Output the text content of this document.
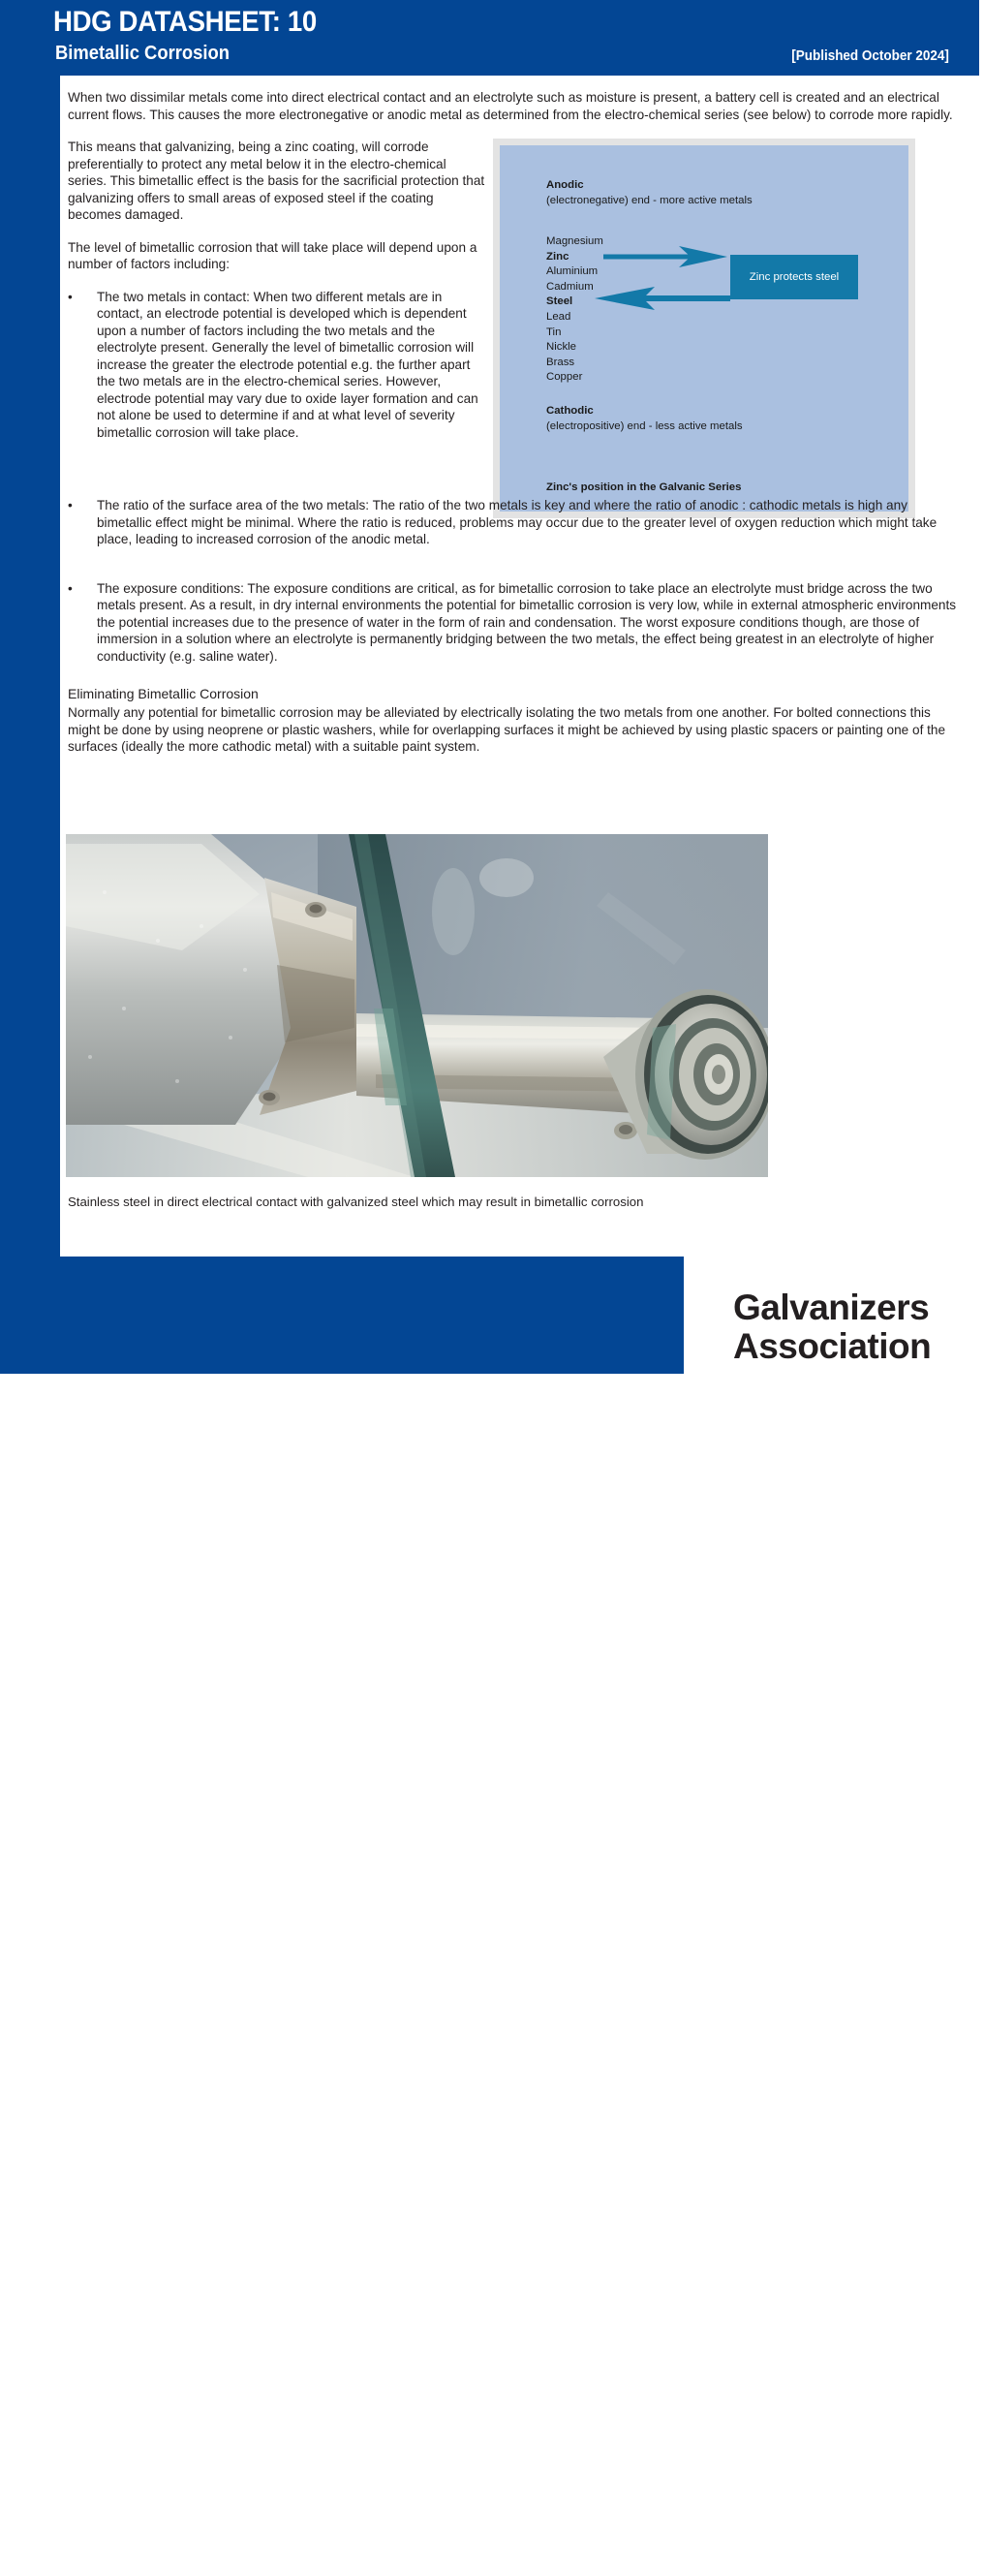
HDG DATASHEET: 10
Bimetallic Corrosion	[Published October 2024]
Anodic
(electronegative) end - more active metals
Magnesium
Zinc
Aluminium
Cadmium
Steel
Lead
Tin
Nickle
Brass
Copper
Zinc protects steel
Cathodic
(electropositive) end - less active metals
Zinc's position in the Galvanic Series

When two dissimilar metals come into direct electrical contact and an electrolyte such as moisture is present, a battery cell is created and an electrical current flows. This causes the more electronegative or anodic metal as determined from the electro-chemical series (see below) to corrode more rapidly.

This means that galvanizing, being a zinc coating, will corrode preferentially to protect any metal below it in the electro-chemical series. This bimetallic effect is the basis for the sacrificial protection that galvanizing offers to small areas of exposed steel if the coating becomes damaged.

The level of bimetallic corrosion that will take place will depend upon a number of factors including:

•	The two metals in contact: When two different metals are in contact, an electrode potential is developed which is dependent upon a number of factors including the two metals and the electrolyte present. Generally the level of bimetallic corrosion will increase the greater the electrode potential e.g. the further apart the two metals are in the electro-chemical series. However, electrode potential may vary due to oxide layer formation and can not alone be used to determine if and at what level of severity bimetallic corrosion will take place.
•	The ratio of the surface area of the two metals: The ratio of the two metals is key and where the ratio of anodic : cathodic metals is high any bimetallic effect might be minimal. Where the ratio is reduced, problems may occur due to the greater level of oxygen reduction which might take place, leading to increased corrosion of the anodic metal.
•	The exposure conditions: The exposure conditions are critical, as for bimetallic corrosion to take place an electrolyte must bridge across the two metals present. As a result, in dry internal environments the potential for bimetallic corrosion is very low, while in external atmospheric environments the potential increases due to the presence of water in the form of rain and condensation. The worst exposure conditions though, are those of immersion in a solution where an electrolyte is permanently bridging between the two metals, the effect being greatest in an electrolyte of higher conductivity (e.g. saline water).
Eliminating Bimetallic Corrosion

Normally any potential for bimetallic corrosion may be alleviated by electrically isolating the two metals from one another. For bolted connections this might be done by using neoprene or plastic washers, while for overlapping surfaces it might be achieved by using plastic spacers or painting one of the surfaces (ideally the more cathodic metal) with a suitable paint system.

Stainless steel in direct electrical contact with galvanized steel which may result in bimetallic corrosion
Wren's Court, 56 Victoria Road, Sutton Coldfield, West Midlands B72 1SY
T: +44 (0)121 355 8838 F: +44 (0)121 355 8727 www.galvanizing.org.uk
Galvanizers
Association
